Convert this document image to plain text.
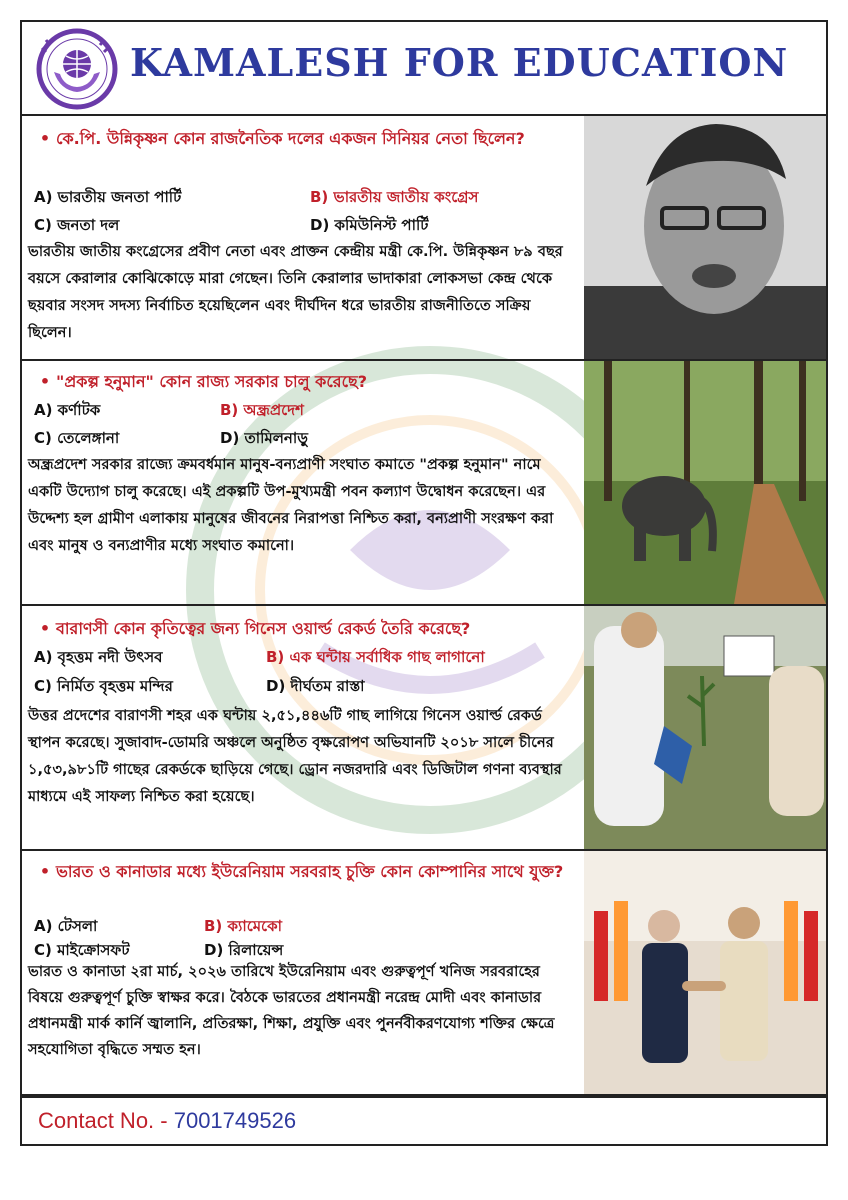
KAMALESH FOR EDUCATION
• কে.পি. উন্নিকৃষ্ণন কোন রাজনৈতিক দলের একজন সিনিয়র নেতা ছিলেন?
A) ভারতীয় জনতা পার্টি	B) ভারতীয় জাতীয় কংগ্রেস
C) জনতা দল	D) কমিউনিস্ট পার্টি
ভারতীয় জাতীয় কংগ্রেসের প্রবীণ নেতা এবং প্রাক্তন কেন্দ্রীয় মন্ত্রী কে.পি. উন্নিকৃষ্ণন ৮৯ বছর বয়সে কেরালার কোঝিকোড়ে মারা গেছেন। তিনি কেরালার ভাদাকারা লোকসভা কেন্দ্র থেকে ছয়বার সংসদ সদস্য নির্বাচিত হয়েছিলেন এবং দীর্ঘদিন ধরে ভারতীয় রাজনীতিতে সক্রিয় ছিলেন।
• "প্রকল্প হনুমান" কোন রাজ্য সরকার চালু করেছে?
A) কর্ণাটক	B) অন্ধ্রপ্রদেশ
C) তেলেঙ্গানা	D) তামিলনাড়ু
অন্ধ্রপ্রদেশ সরকার রাজ্যে ক্রমবর্ধমান মানুষ-বন্যপ্রাণী সংঘাত কমাতে "প্রকল্প হনুমান" নামে একটি উদ্যোগ চালু করেছে। এই প্রকল্পটি উপ-মুখ্যমন্ত্রী পবন কল্যাণ উদ্বোধন করেছেন। এর উদ্দেশ্য হল গ্রামীণ এলাকায় মানুষের জীবনের নিরাপত্তা নিশ্চিত করা, বন্যপ্রাণী সংরক্ষণ করা এবং মানুষ ও বন্যপ্রাণীর মধ্যে সংঘাত কমানো।
• বারাণসী কোন কৃতিত্বের জন্য গিনেস ওয়ার্ল্ড রেকর্ড তৈরি করেছে?
A) বৃহত্তম নদী উৎসব	B) এক ঘন্টায় সর্বাধিক গাছ লাগানো
C) নির্মিত বৃহত্তম মন্দির	D) দীর্ঘতম রাস্তা
উত্তর প্রদেশের বারাণসী শহর এক ঘন্টায় ২,৫১,৪৪৬টি গাছ লাগিয়ে গিনেস ওয়ার্ল্ড রেকর্ড স্থাপন করেছে। সুজাবাদ-ডোমরি অঞ্চলে অনুষ্ঠিত বৃক্ষরোপণ অভিযানটি ২০১৮ সালে চীনের ১,৫৩,৯৮১টি গাছের রেকর্ডকে ছাড়িয়ে গেছে। ড্রোন নজরদারি এবং ডিজিটাল গণনা ব্যবস্থার মাধ্যমে এই সাফল্য নিশ্চিত করা হয়েছে।
• ভারত ও কানাডার মধ্যে ইউরেনিয়াম সরবরাহ চুক্তি কোন কোম্পানির সাথে যুক্ত?
A) টেসলা	B) ক্যামেকো
C) মাইক্রোসফট	D) রিলায়েন্স
ভারত ও কানাডা ২রা মার্চ, ২০২৬ তারিখে ইউরেনিয়াম এবং গুরুত্বপূর্ণ খনিজ সরবরাহের বিষয়ে গুরুত্বপূর্ণ চুক্তি স্বাক্ষর করে। বৈঠকে ভারতের প্রধানমন্ত্রী নরেন্দ্র মোদী এবং কানাডার প্রধানমন্ত্রী মার্ক কার্নি জ্বালানি, প্রতিরক্ষা, শিক্ষা, প্রযুক্তি এবং পুনর্নবীকরণযোগ্য শক্তির ক্ষেত্রে সহযোগিতা বৃদ্ধিতে সম্মত হন।
Contact No. - 7001749526
